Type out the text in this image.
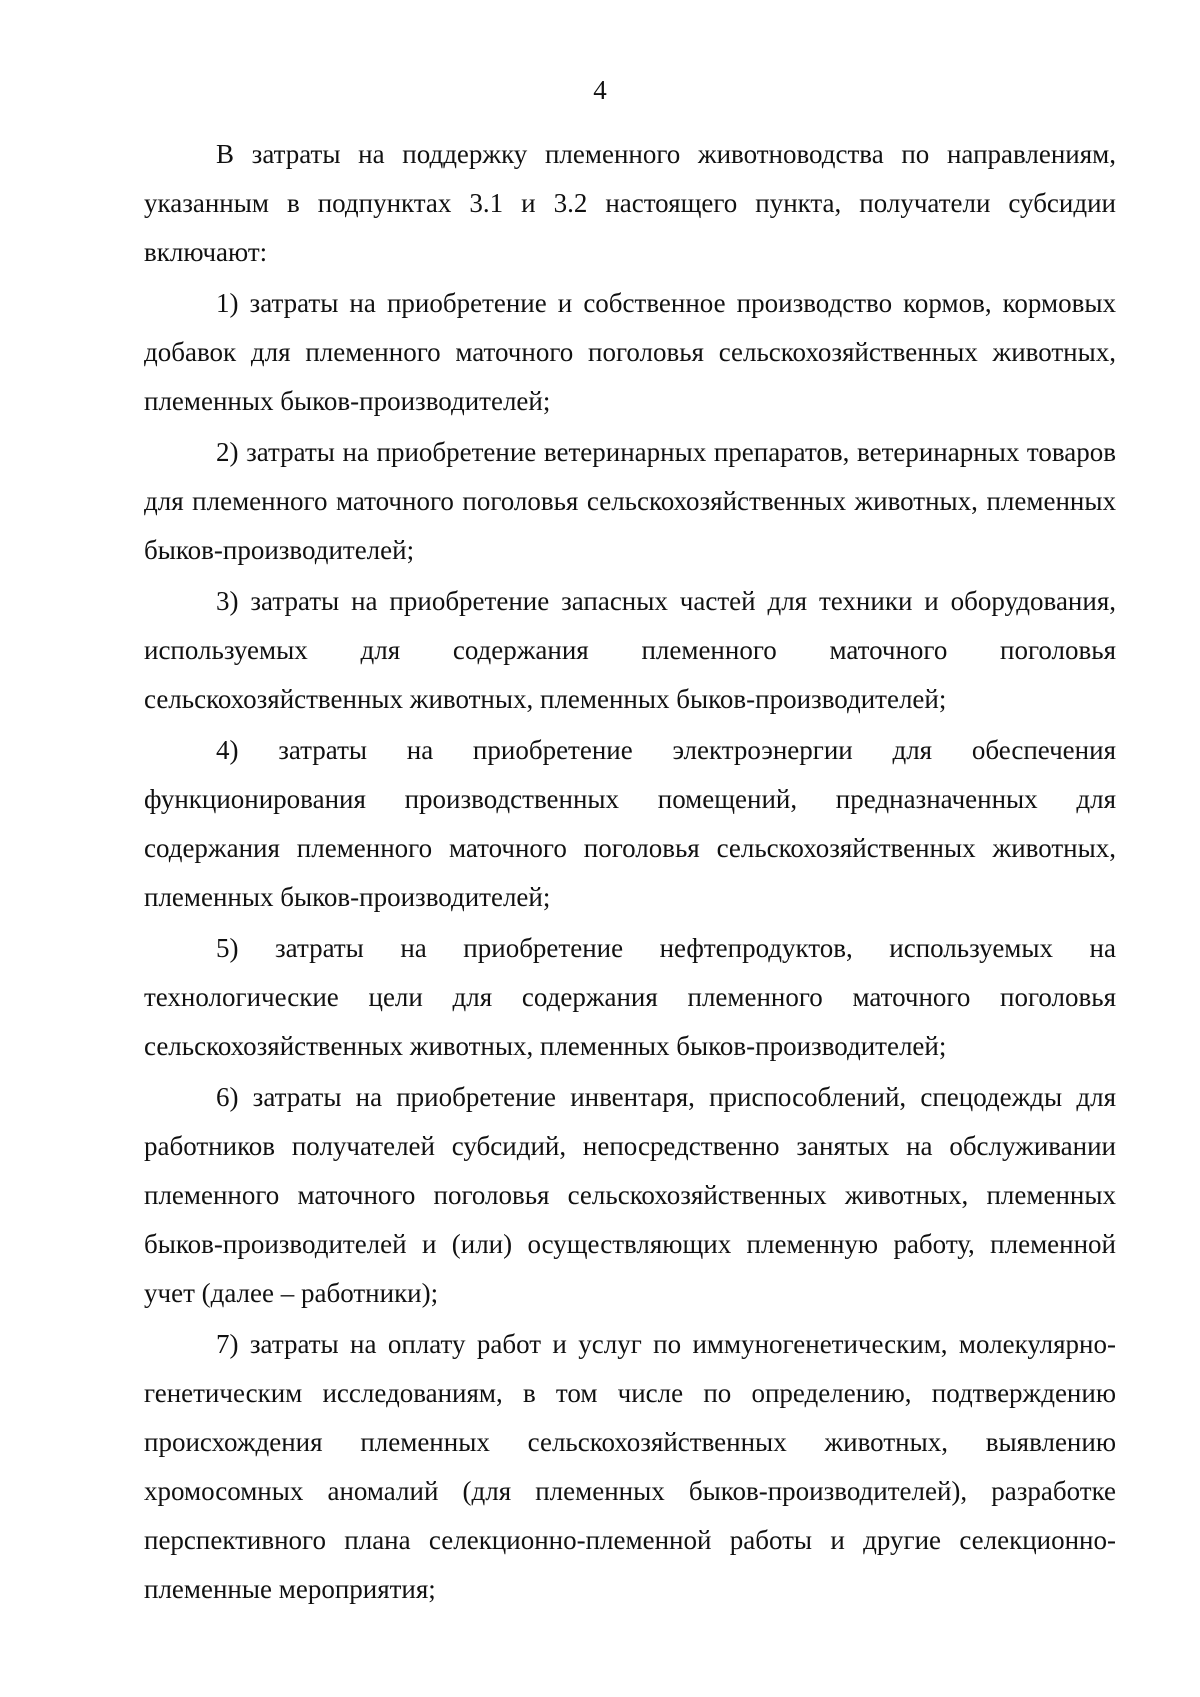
4

В затраты на поддержку племенного животноводства по направлениям, указанным в подпунктах 3.1 и 3.2 настоящего пункта, получатели субсидии включают:

1) затраты на приобретение и собственное производство кормов, кормовых добавок для племенного маточного поголовья сельскохозяйственных животных, племенных быков-производителей;

2) затраты на приобретение ветеринарных препаратов, ветеринарных товаров для племенного маточного поголовья сельскохозяйственных животных, племенных быков-производителей;

3) затраты на приобретение запасных частей для техники и оборудования, используемых для содержания племенного маточного поголовья сельскохозяйственных животных, племенных быков-производителей;

4) затраты на приобретение электроэнергии для обеспечения функционирования производственных помещений, предназначенных для содержания племенного маточного поголовья сельскохозяйственных животных, племенных быков-производителей;

5) затраты на приобретение нефтепродуктов, используемых на технологические цели для содержания племенного маточного поголовья сельскохозяйственных животных, племенных быков-производителей;

6) затраты на приобретение инвентаря, приспособлений, спецодежды для работников получателей субсидий, непосредственно занятых на обслуживании племенного маточного поголовья сельскохозяйственных животных, племенных быков-производителей и (или) осуществляющих племенную работу, племенной учет (далее – работники);

7) затраты на оплату работ и услуг по иммуногенетическим, молекулярно-генетическим исследованиям, в том числе по определению, подтверждению происхождения племенных сельскохозяйственных животных, выявлению хромосомных аномалий (для племенных быков-производителей), разработке перспективного плана селекционно-племенной работы и другие селекционно-племенные мероприятия;
